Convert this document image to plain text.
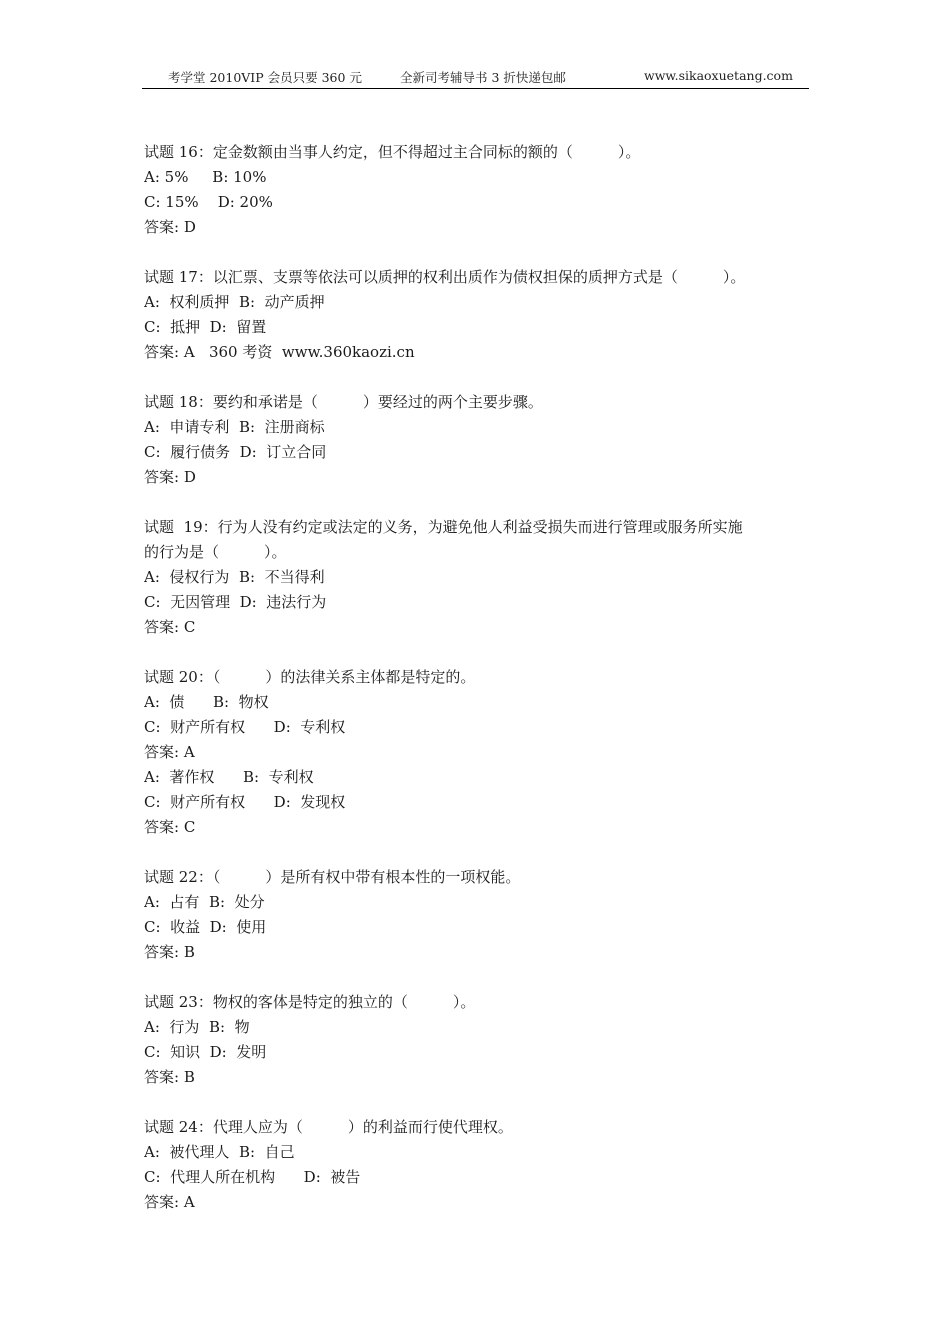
考学堂 2010VIP 会员只要 360 元	全新司考辅导书 3 折快递包邮	www.sikaoxuetang.com
试题 16：定金数额由当事人约定，但不得超过主合同标的额的（　　　）。
A: 5%     B: 10%
C: 15%    D: 20%
答案: D
试题 17：以汇票、支票等依法可以质押的权利出质作为债权担保的质押方式是（　　　）。
A:  权利质押  B:  动产质押
C:  抵押  D:  留置
答案: A   360 考资  www.360kaozi.cn
试题 18：要约和承诺是（　　　）要经过的两个主要步骤。
A:  申请专利  B:  注册商标
C:  履行债务  D:  订立合同
答案: D
试题  19：行为人没有约定或法定的义务，为避免他人利益受损失而进行管理或服务所实施
的行为是（　　　）。
A:  侵权行为  B:  不当得利
C:  无因管理  D:  违法行为
答案: C
试题 20：（　　　）的法律关系主体都是特定的。
A:  债      B:  物权
C:  财产所有权      D:  专利权
答案: A
A:  著作权      B:  专利权
C:  财产所有权      D:  发现权
答案: C
试题 22：（　　　）是所有权中带有根本性的一项权能。
A:  占有  B:  处分
C:  收益  D:  使用
答案: B
试题 23：物权的客体是特定的独立的（　　　）。
A:  行为  B:  物
C:  知识  D:  发明
答案: B
试题 24：代理人应为（　　　）的利益而行使代理权。
A:  被代理人  B:  自己
C:  代理人所在机构      D:  被告
答案: A
